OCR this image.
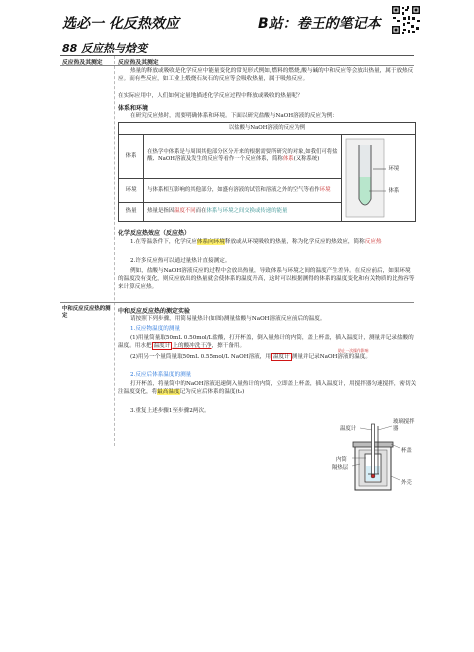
选必一 化反热效应	B站：卷王的笔记本
88 反应热与焓变
反应热及其测定
中和反应反应热的测定
反应热及其测定
热量的释放或吸收是化学反应中能量变化的常见形式例如,燃料的燃烧,酸与碱的中和反应等会放出热量，属于放热反应。而有些反应，如工业上煅烧石灰石的反应等会吸收热量，属于吸热反应。
在实际应用中，人们如何定量地描述化学反应过程中释放或吸收的热量呢？
体系和环境
在研究反应热时，需要明确体系和环境。下面以研究盐酸与NaOH溶液的反应为例：
以盐酸与NaOH溶液的反应为例		
体系	在热学中体系是与周围其他部分区分开来的根据需要所研究的对象,如我们可将盐酸、NaOH溶液及发生的反应等看作一个反应体系，简称体系(又称系统)	环境
体系

环境	与体系相互影响的其他部分，如盛有溶液的试管和溶液之外的空气等看作环境	
热量	热量是指因温度不同而在体系与环境之间交换或传递的能量	
化学反应热效应（反应热）
1.在等温条件下，化学反应体系向环境释放或从环境吸收的热量，称为化学反应的热效应，简称反应热
2.许多反应热可以通过量热计直接测定。
例如，盐酸与NaOH溶液反应的过程中会放出热量，导致体系与环境之间的温度产生差异。在反应前后，如果环境的温度没有变化，则反应放出的热量就会使体系的温度升高，这时可以根据测得的体系的温度变化和有关物质的比热容等来计算反应热。
中和反应反应热的测定实验
请按照下列步骤，用简易量热计(如图)测量盐酸与NaOH溶液反应前后的温度。
1.反应物温度的测量
(1)用量筒量取50mL 0.50mol/L盐酸，打开杯盖，倒入量热计的内筒，盖上杯盖，插入温度计，测量并记录盐酸的温度。用水把 温度计 上的酸冲洗干净，擦干备用。
防止一次操作影响
(2)用另一个量筒量取50mL 0.55mol/L NaOH溶液，用 温度计 测量并记录NaOH溶液的温度。
2.反应后体系温度的测量
打开杯盖，将量筒中的NaOH溶液迅速倒入量热计的内筒，立即盖上杯盖，插入温度计，用搅拌器匀速搅拌，密切关注温度变化，将最高温度记为反应后体系的温度(t₂)
3.重复上述步骤1至步骤2两次。
温度计
玻璃搅拌器
内筒
隔热层
杯盖
外壳
